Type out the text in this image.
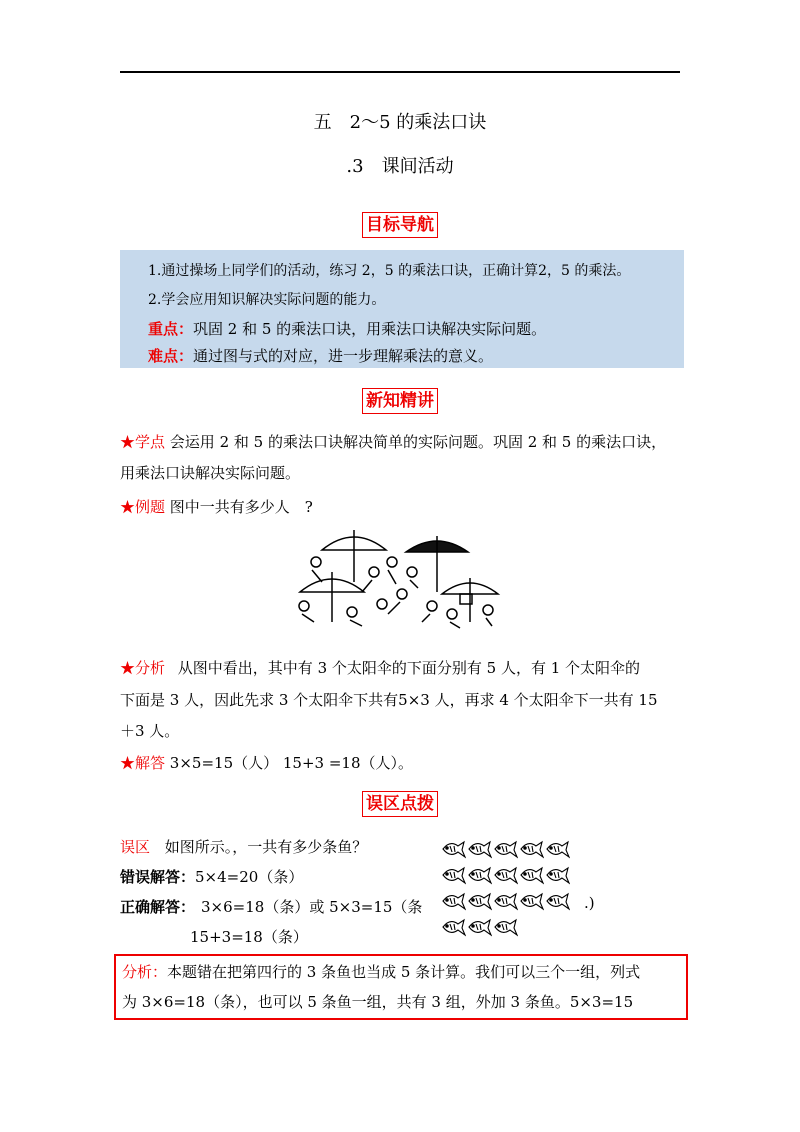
五　2～5 的乘法口诀
.3　课间活动
目标导航
1.通过操场上同学们的活动，练习 2，5 的乘法口诀，正确计算2，5 的乘法。
2.学会应用知识解决实际问题的能力。
重点：巩固 2 和 5 的乘法口诀，用乘法口诀解决实际问题。
难点：通过图与式的对应，进一步理解乘法的意义。
新知精讲
★学点 会运用 2 和 5 的乘法口诀解决简单的实际问题。巩固 2 和 5 的乘法口诀，
用乘法口诀解决实际问题。
★例题 图中一共有多少人　?
★分析 从图中看出，其中有 3 个太阳伞的下面分别有 5 人，有 1 个太阳伞的
下面是 3 人，因此先求 3 个太阳伞下共有5×3 人，再求 4 个太阳伞下一共有 15
＋3 人。
★解答 3×5=15（人） 15+3 =18（人）。
误区点拨
误区 如图所示。，一共有多少条鱼？
错误解答：5×4=20（条）
正确解答： 3×6=18（条）或 5×3=15（条
15+3=18（条）
.)
分析：本题错在把第四行的 3 条鱼也当成 5 条计算。我们可以三个一组，列式
为 3×6=18（条），也可以 5 条鱼一组，共有 3 组，外加 3 条鱼。5×3=15
